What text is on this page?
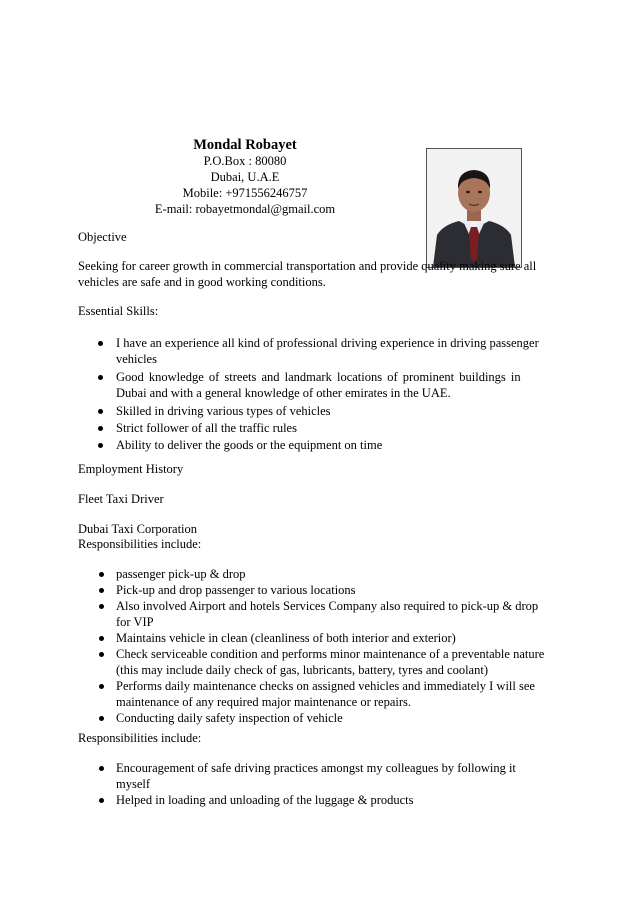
Mondal Robayet
P.O.Box : 80080
Dubai, U.A.E
Mobile: +971556246757
E-mail: robayetmondal@gmail.com
Objective
Seeking for career growth in commercial transportation and provide quality making sure all
vehicles are safe and in good working conditions.
Essential Skills:
I have an experience all kind of professional driving experience in driving passenger
vehicles
Good knowledge of streets and landmark locations of prominent buildings in
Dubai and with a general knowledge of other emirates in the UAE.
Skilled in driving various types of vehicles
Strict follower of all the traffic rules
Ability to deliver the goods or the equipment on time
Employment History
Fleet Taxi Driver
Dubai Taxi Corporation
Responsibilities include:
passenger pick-up & drop
Pick-up and drop passenger to various locations
Also involved Airport and hotels Services Company also required to pick-up & drop
for VIP
Maintains vehicle in clean (cleanliness of both interior and exterior)
Check serviceable condition and performs minor maintenance of a preventable nature
(this may include daily check of gas, lubricants, battery, tyres and coolant)
Performs daily maintenance checks on assigned vehicles and immediately I will see
maintenance of any required major maintenance or repairs.
Conducting daily safety inspection of vehicle
Responsibilities include:
Encouragement of safe driving practices amongst my colleagues by following it
myself
Helped in loading and unloading of the luggage & products
